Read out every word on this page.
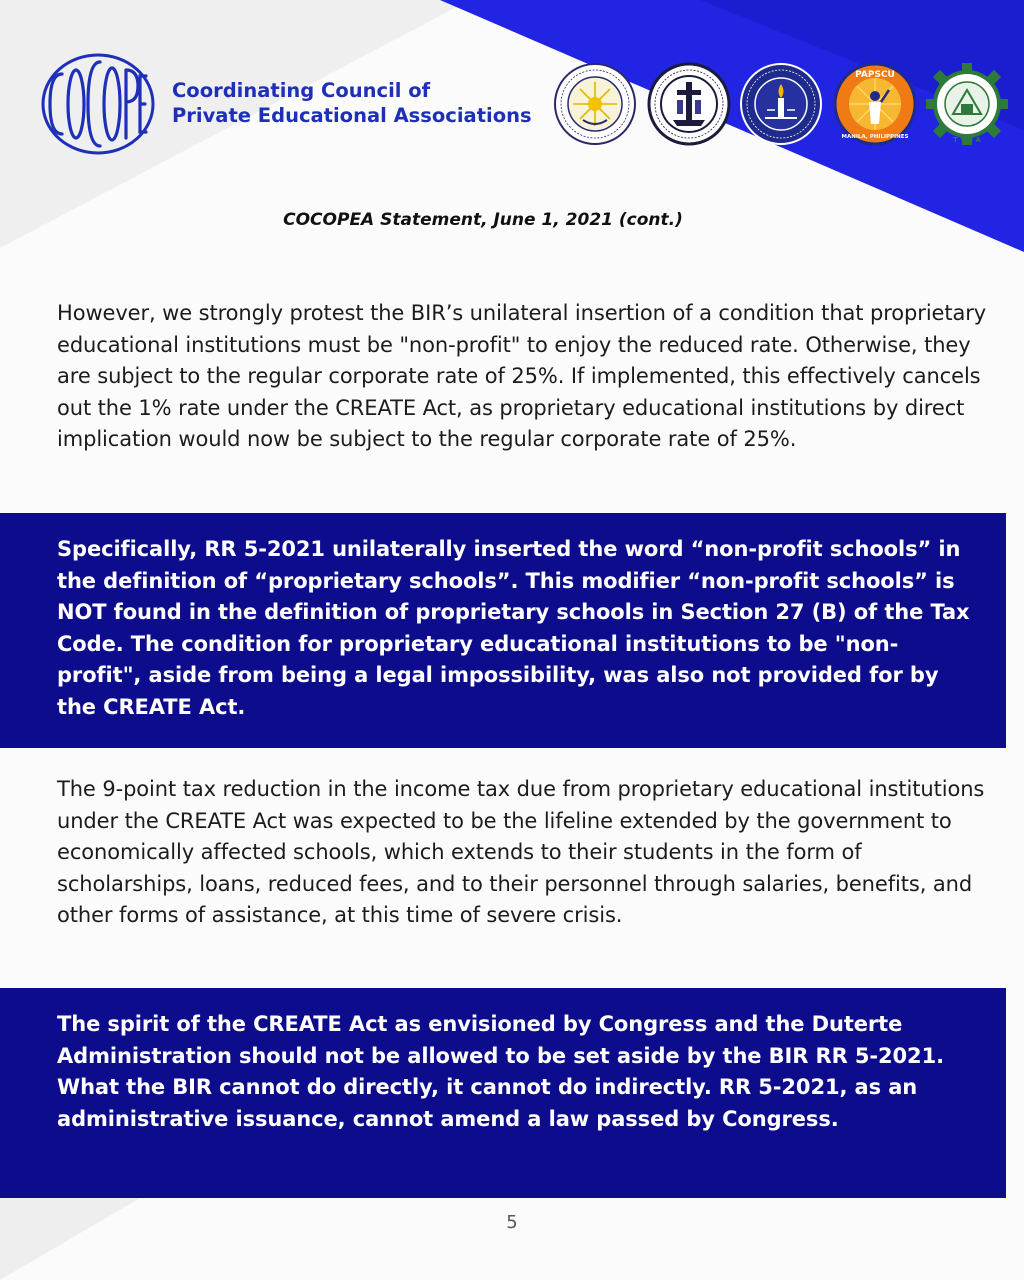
Coordinating Council of
Private Educational Associations
PAPSCU
MANILA, PHILIPPINES	T V S A
COCOPEA Statement, June 1, 2021 (cont.)
However, we strongly protest the BIR’s unilateral insertion of a condition that proprietary educational institutions must be "non-profit" to enjoy the reduced rate. Otherwise, they are subject to the regular corporate rate of 25%. If implemented, this effectively cancels out the 1% rate under the CREATE Act, as proprietary educational institutions by direct implication would now be subject to the regular corporate rate of 25%.
Specifically, RR 5-2021 unilaterally inserted the word “non-profit schools” in the definition of “proprietary schools”. This modifier “non-profit schools” is NOT found in the definition of proprietary schools in Section 27 (B) of the Tax Code. The condition for proprietary educational institutions to be "non-profit", aside from being a legal impossibility, was also not provided for by the CREATE Act.
The 9-point tax reduction in the income tax due from proprietary educational institutions under the CREATE Act was expected to be the lifeline extended by the government to economically affected schools, which extends to their students in the form of scholarships, loans, reduced fees, and to their personnel through salaries, benefits, and other forms of assistance, at this time of severe crisis.
The spirit of the CREATE Act as envisioned by Congress and the Duterte Administration should not be allowed to be set aside by the BIR RR 5-2021. What the BIR cannot do directly, it cannot do indirectly. RR 5-2021, as an administrative issuance, cannot amend a law passed by Congress.
5
